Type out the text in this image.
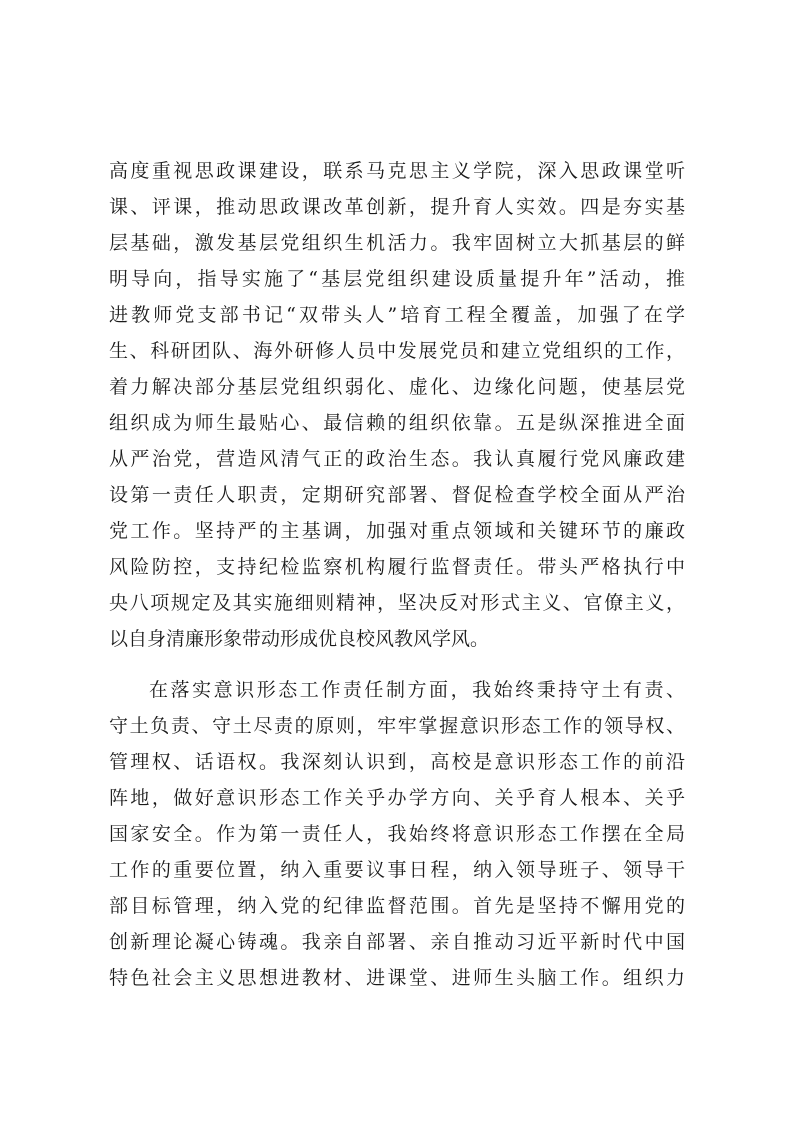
高度重视思政课建设，联系马克思主义学院，深入思政课堂听
课、评课，推动思政课改革创新，提升育人实效。四是夯实基
层基础，激发基层党组织生机活力。我牢固树立大抓基层的鲜
明导向，指导实施了“基层党组织建设质量提升年”活动，推
进教师党支部书记“双带头人”培育工程全覆盖，加强了在学
生、科研团队、海外研修人员中发展党员和建立党组织的工作，
着力解决部分基层党组织弱化、虚化、边缘化问题，使基层党
组织成为师生最贴心、最信赖的组织依靠。五是纵深推进全面
从严治党，营造风清气正的政治生态。我认真履行党风廉政建
设第一责任人职责，定期研究部署、督促检查学校全面从严治
党工作。坚持严的主基调，加强对重点领域和关键环节的廉政
风险防控，支持纪检监察机构履行监督责任。带头严格执行中
央八项规定及其实施细则精神，坚决反对形式主义、官僚主义，
以自身清廉形象带动形成优良校风教风学风。
在落实意识形态工作责任制方面，我始终秉持守土有责、
守土负责、守土尽责的原则，牢牢掌握意识形态工作的领导权、
管理权、话语权。我深刻认识到，高校是意识形态工作的前沿
阵地，做好意识形态工作关乎办学方向、关乎育人根本、关乎
国家安全。作为第一责任人，我始终将意识形态工作摆在全局
工作的重要位置，纳入重要议事日程，纳入领导班子、领导干
部目标管理，纳入党的纪律监督范围。首先是坚持不懈用党的
创新理论凝心铸魂。我亲自部署、亲自推动习近平新时代中国
特色社会主义思想进教材、进课堂、进师生头脑工作。组织力
